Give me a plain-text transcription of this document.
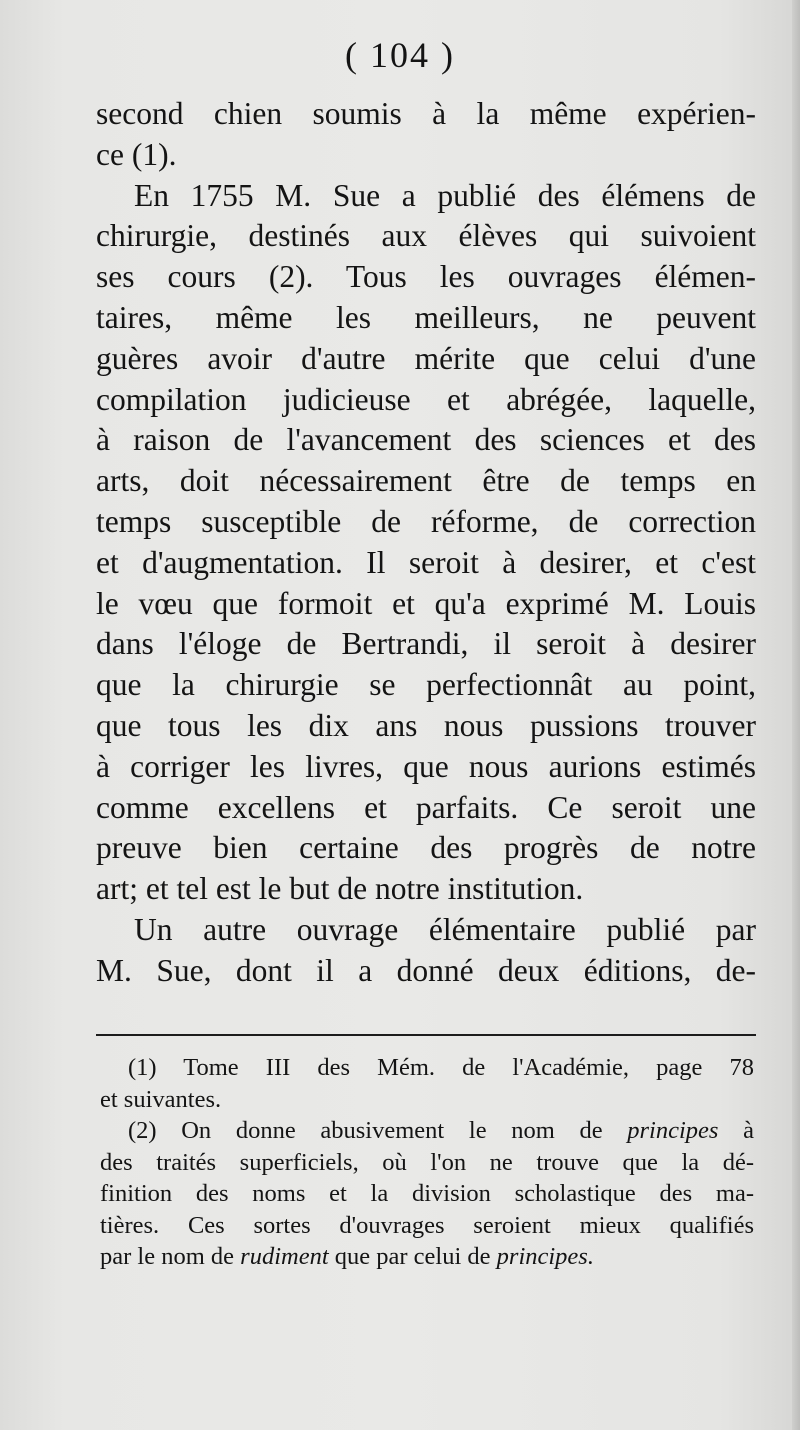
( 104 )
second chien soumis à la même expérien-
ce (1).
En 1755 M. Sue a publié des élémens de
chirurgie, destinés aux élèves qui suivoient
ses cours (2). Tous les ouvrages élémen-
taires, même les meilleurs, ne peuvent
guères avoir d'autre mérite que celui d'une
compilation judicieuse et abrégée, laquelle,
à raison de l'avancement des sciences et des
arts, doit nécessairement être de temps en
temps susceptible de réforme, de correction
et d'augmentation. Il seroit à desirer, et c'est
le vœu que formoit et qu'a exprimé M. Louis
dans l'éloge de Bertrandi, il seroit à desirer
que la chirurgie se perfectionnât au point,
que tous les dix ans nous pussions trouver
à corriger les livres, que nous aurions estimés
comme excellens et parfaits. Ce seroit une
preuve bien certaine des progrès de notre
art; et tel est le but de notre institution.
Un autre ouvrage élémentaire publié par
M. Sue, dont il a donné deux éditions, de-
(1) Tome III des Mém. de l'Académie, page 78
et suivantes.
(2) On donne abusivement le nom de principes à
des traités superficiels, où l'on ne trouve que la dé-
finition des noms et la division scholastique des ma-
tières. Ces sortes d'ouvrages seroient mieux qualifiés
par le nom de rudiment que par celui de principes.
